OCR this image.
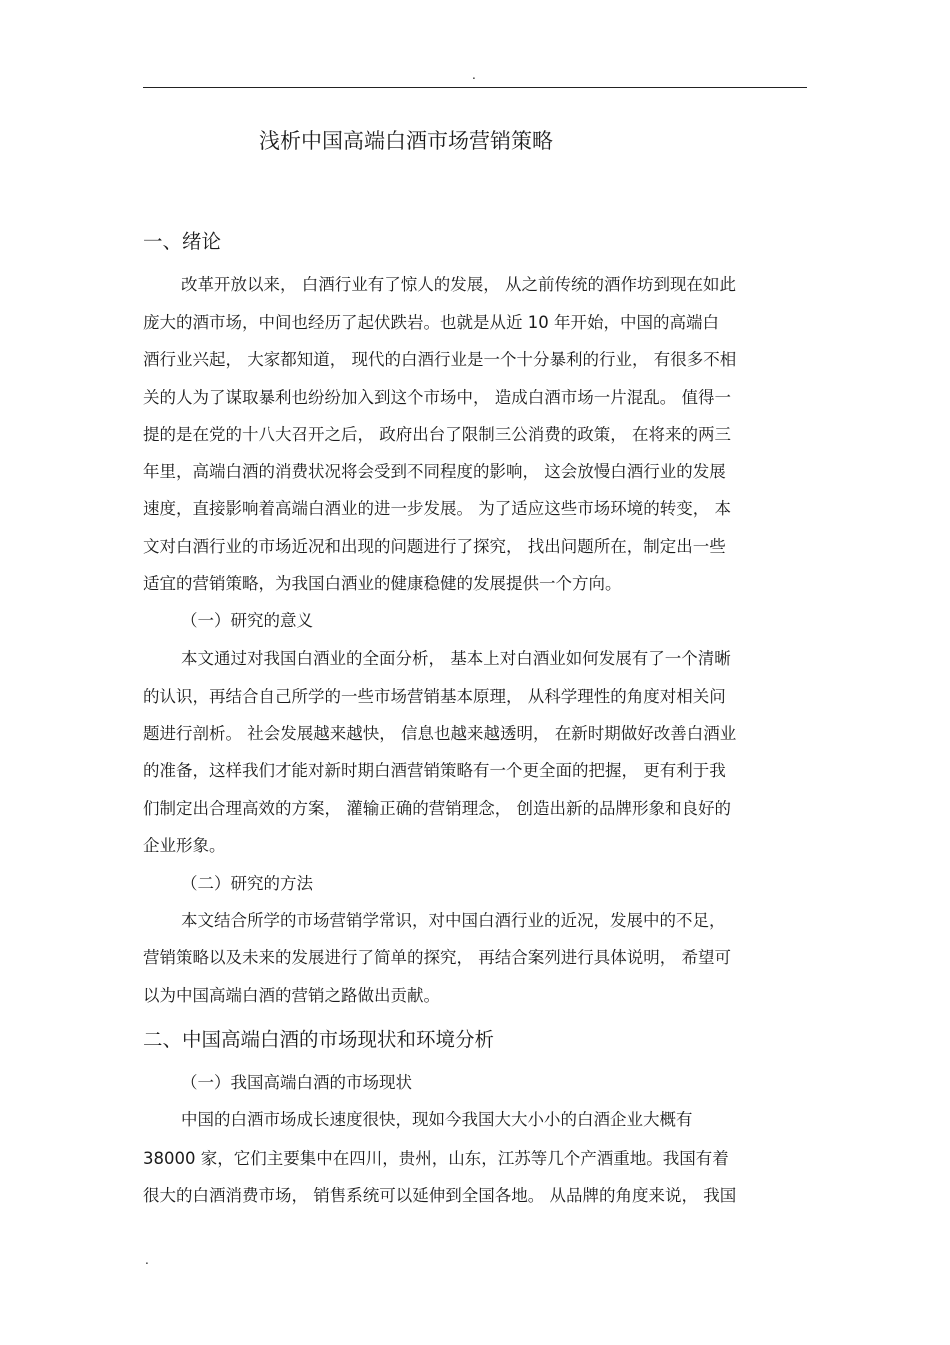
.
浅析中国高端白酒市场营销策略
一、绪论
改革开放以来， 白酒行业有了惊人的发展， 从之前传统的酒作坊到现在如此
庞大的酒市场，中间也经历了起伏跌岩。也就是从近 10 年开始，中国的高端白
酒行业兴起， 大家都知道， 现代的白酒行业是一个十分暴利的行业， 有很多不相
关的人为了谋取暴利也纷纷加入到这个市场中， 造成白酒市场一片混乱。 值得一
提的是在党的十八大召开之后， 政府出台了限制三公消费的政策， 在将来的两三
年里，高端白酒的消费状况将会受到不同程度的影响， 这会放慢白酒行业的发展
速度，直接影响着高端白酒业的进一步发展。 为了适应这些市场环境的转变， 本
文对白酒行业的市场近况和出现的问题进行了探究， 找出问题所在，制定出一些
适宜的营销策略，为我国白酒业的健康稳健的发展提供一个方向。
（一）研究的意义
本文通过对我国白酒业的全面分析， 基本上对白酒业如何发展有了一个清晰
的认识，再结合自己所学的一些市场营销基本原理， 从科学理性的角度对相关问
题进行剖析。 社会发展越来越快， 信息也越来越透明， 在新时期做好改善白酒业
的准备，这样我们才能对新时期白酒营销策略有一个更全面的把握， 更有利于我
们制定出合理高效的方案， 灌输正确的营销理念， 创造出新的品牌形象和良好的
企业形象。
（二）研究的方法
本文结合所学的市场营销学常识，对中国白酒行业的近况，发展中的不足，
营销策略以及未来的发展进行了简单的探究， 再结合案列进行具体说明， 希望可
以为中国高端白酒的营销之路做出贡献。
二、中国高端白酒的市场现状和环境分析
（一）我国高端白酒的市场现状
中国的白酒市场成长速度很快，现如今我国大大小小的白酒企业大概有
38000 家，它们主要集中在四川，贵州，山东，江苏等几个产酒重地。我国有着
很大的白酒消费市场， 销售系统可以延伸到全国各地。 从品牌的角度来说， 我国
.
